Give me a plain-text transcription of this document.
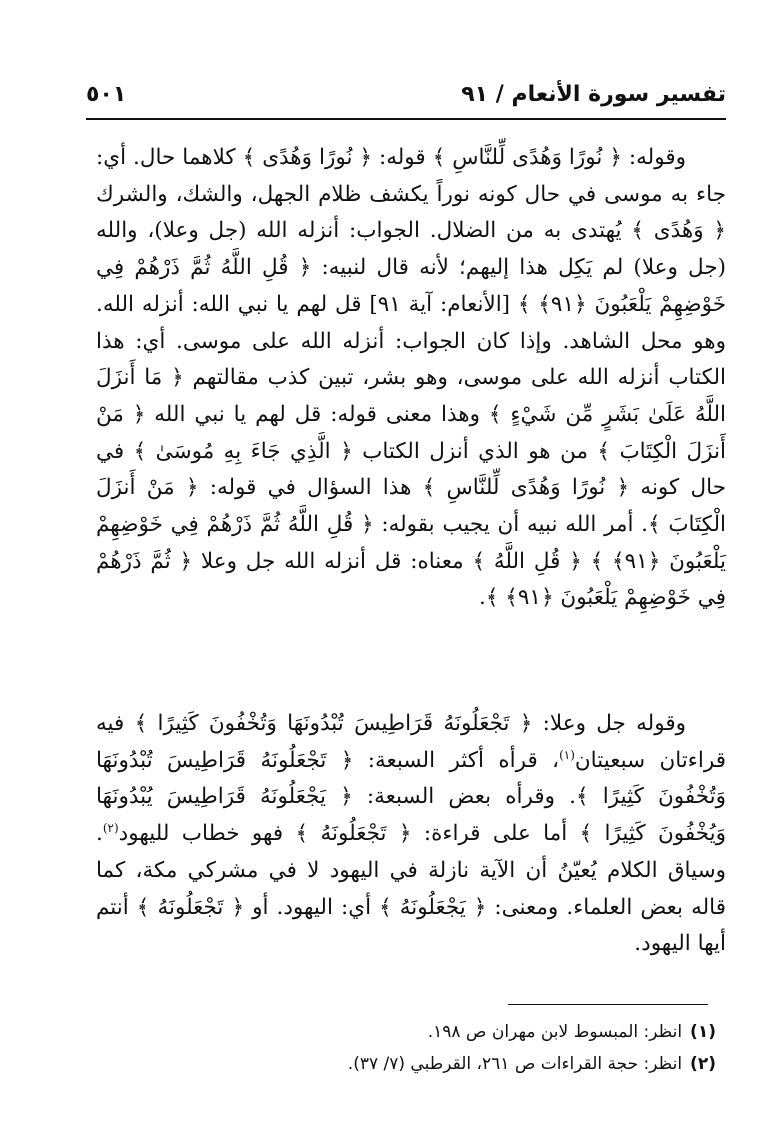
تفسير سورة الأنعام / ٩١
٥٠١

وقوله: ﴿ نُورًا وَهُدًى لِّلنَّاسِ ﴾ قوله: ﴿ نُورًا وَهُدًى ﴾ كلاهما حال. أي: جاء به موسى في حال كونه نوراً يكشف ظلام الجهل، والشك، والشرك ﴿ وَهُدًى ﴾ يُهتدى به من الضلال. الجواب: أنزله الله (جل وعلا)، والله (جل وعلا) لم يَكِل هذا إليهم؛ لأنه قال لنبيه: ﴿ قُلِ اللَّهُ ثُمَّ ذَرْهُمْ فِي خَوْضِهِمْ يَلْعَبُونَ ﴿٩١﴾ ﴾ [الأنعام: آية ٩١] قل لهم يا نبي الله: أنزله الله. وهو محل الشاهد. وإذا كان الجواب: أنزله الله على موسى. أي: هذا الكتاب أنزله الله على موسى، وهو بشر، تبين كذب مقالتهم ﴿ مَا أَنزَلَ اللَّهُ عَلَىٰ بَشَرٍ مِّن شَيْءٍ ﴾ وهذا معنى قوله: قل لهم يا نبي الله ﴿ مَنْ أَنزَلَ الْكِتَابَ ﴾ من هو الذي أنزل الكتاب ﴿ الَّذِي جَاءَ بِهِ مُوسَىٰ ﴾ في حال كونه ﴿ نُورًا وَهُدًى لِّلنَّاسِ ﴾ هذا السؤال في قوله: ﴿ مَنْ أَنزَلَ الْكِتَابَ ﴾. أمر الله نبيه أن يجيب بقوله: ﴿ قُلِ اللَّهُ ثُمَّ ذَرْهُمْ فِي خَوْضِهِمْ يَلْعَبُونَ ﴿٩١﴾ ﴾ ﴿ قُلِ اللَّهُ ﴾ معناه: قل أنزله الله جل وعلا ﴿ ثُمَّ ذَرْهُمْ فِي خَوْضِهِمْ يَلْعَبُونَ ﴿٩١﴾ ﴾.

وقوله جل وعلا: ﴿ تَجْعَلُونَهُ قَرَاطِيسَ تُبْدُونَهَا وَتُخْفُونَ كَثِيرًا ﴾ فيه قراءتان سبعيتان$^{(١)}$، قرأه أكثر السبعة: ﴿ تَجْعَلُونَهُ قَرَاطِيسَ تُبْدُونَهَا وَتُخْفُونَ كَثِيرًا ﴾. وقرأه بعض السبعة: ﴿ يَجْعَلُونَهُ قَرَاطِيسَ يُبْدُونَهَا وَيُخْفُونَ كَثِيرًا ﴾ أما على قراءة: ﴿ تَجْعَلُونَهُ ﴾ فهو خطاب لليهود$^{(٢)}$. وسياق الكلام يُعيّنُ أن الآية نازلة في اليهود لا في مشركي مكة، كما قاله بعض العلماء. ومعنى: ﴿ يَجْعَلُونَهُ ﴾ أي: اليهود. أو ﴿ تَجْعَلُونَهُ ﴾ أنتم أيها اليهود.

(١)انظر: المبسوط لابن مهران ص ١٩٨.

(٢)انظر: حجة القراءات ص ٢٦١، القرطبي (٧/ ٣٧).
